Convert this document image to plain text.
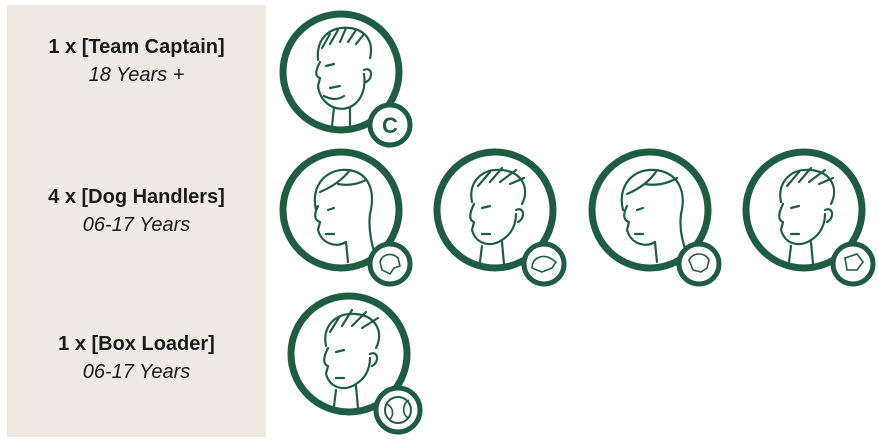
1 x [Team Captain]
18 Years +
4 x [Dog Handlers]
06-17 Years
1 x [Box Loader]
06-17 Years
C
